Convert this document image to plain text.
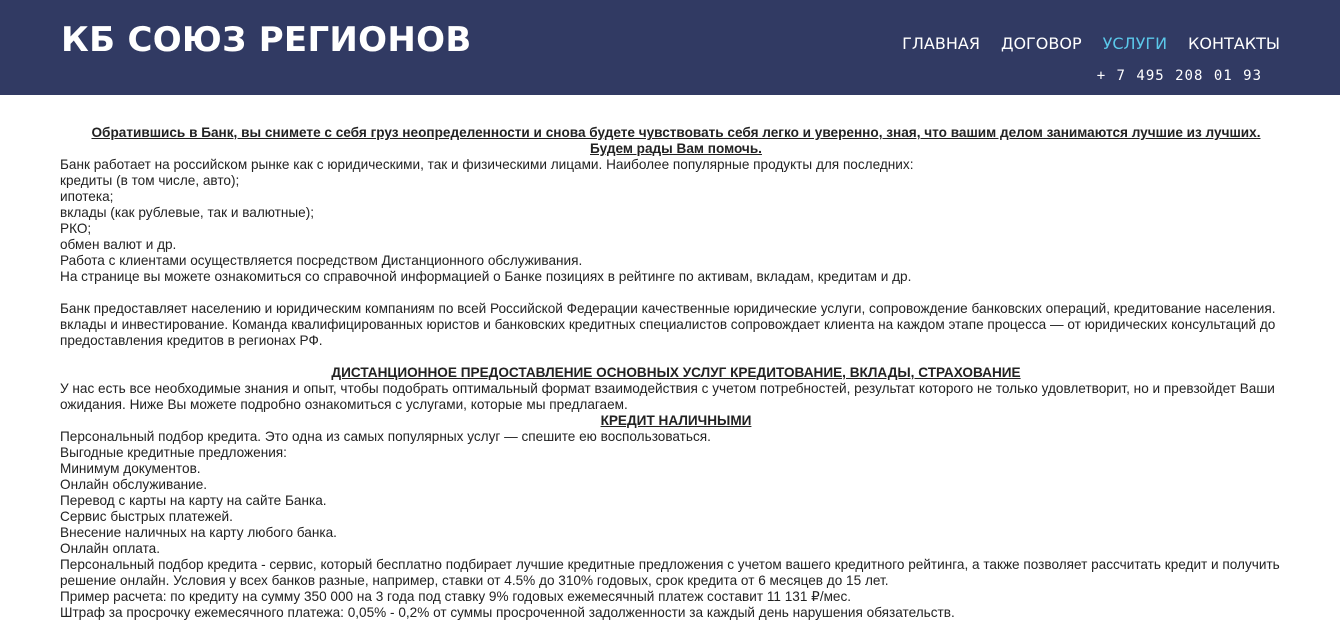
КБ СОЮЗ РЕГИОНОВ	ГЛАВНАЯ ДОГОВОР УСЛУГИ КОНТАКТЫ
+ 7 495 208 01 93

Обратившись в Банк, вы снимете с себя груз неопределенности и снова будете чувствовать себя легко и уверенно, зная, что вашим делом занимаются лучшие из лучших.

Будем рады Вам помочь.

Банк работает на российском рынке как с юридическими, так и физическими лицами. Наиболее популярные продукты для последних:

кредиты (в том числе, авто);

ипотека;

вклады (как рублевые, так и валютные);

РКО;

обмен валют и др.

Работа с клиентами осуществляется посредством Дистанционного обслуживания.

На странице вы можете ознакомиться со справочной информацией о Банке позициях в рейтинге по активам, вкладам, кредитам и др.

Банк предоставляет населению и юридическим компаниям по всей Российской Федерации качественные юридические услуги, сопровождение банковских операций, кредитование населения. вклады и инвестирование. Команда квалифицированных юристов и банковских кредитных специалистов сопровождает клиента на каждом этапе процесса — от юридических консультаций до предоставления кредитов в регионах РФ.

ДИСТАНЦИОННОЕ ПРЕДОСТАВЛЕНИЕ ОСНОВНЫХ УСЛУГ КРЕДИТОВАНИЕ, ВКЛАДЫ, СТРАХОВАНИЕ

У нас есть все необходимые знания и опыт, чтобы подобрать оптимальный формат взаимодействия с учетом потребностей, результат которого не только удовлетворит, но и превзойдет Ваши ожидания. Ниже Вы можете подробно ознакомиться с услугами, которые мы предлагаем.

КРЕДИТ НАЛИЧНЫМИ

Персональный подбор кредита. Это одна из самых популярных услуг — спешите ею воспользоваться.

Выгодные кредитные предложения:

Минимум документов.

Онлайн обслуживание.

Перевод с карты на карту на сайте Банка.

Сервис быстрых платежей.

Внесение наличных на карту любого банка.

Онлайн оплата.

Персональный подбор кредита - сервис, который бесплатно подбирает лучшие кредитные предложения с учетом вашего кредитного рейтинга, а также позволяет рассчитать кредит и получить решение онлайн. Условия у всех банков разные, например, ставки от 4.5% до 310% годовых, срок кредита от 6 месяцев до 15 лет.

Пример расчета: по кредиту на сумму 350 000 на 3 года под ставку 9% годовых ежемесячный платеж составит 11 131 ₽/мес.

Штраф за просрочку ежемесячного платежа: 0,05% - 0,2% от суммы просроченной задолженности за каждый день нарушения обязательств.
